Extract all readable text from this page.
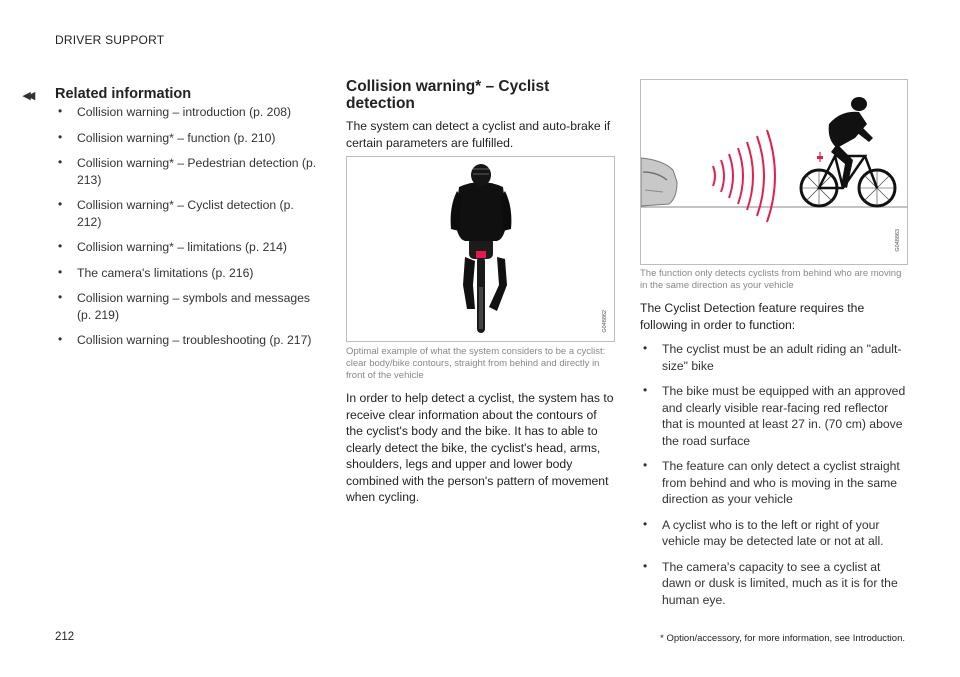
DRIVER SUPPORT
◂◂ Related information
• Collision warning – introduction (p. 208)
• Collision warning* – function (p. 210)
• Collision warning* – Pedestrian detection (p. 213)
• Collision warning* – Cyclist detection (p. 212)
• Collision warning* – limitations (p. 214)
• The camera's limitations (p. 216)
• Collision warning – symbols and messages (p. 219)
• Collision warning – troubleshooting (p. 217)
Collision warning* – Cyclist detection
The system can detect a cyclist and auto-brake if certain parameters are fulfilled.
G048862
Optimal example of what the system considers to be a cyclist: clear body/bike contours, straight from behind and directly in front of the vehicle
In order to help detect a cyclist, the system has to receive clear information about the contours of the cyclist's body and the bike. It has to able to clearly detect the bike, the cyclist's head, arms, shoulders, legs and upper and lower body combined with the person's pattern of movement when cycling.
G048863
The function only detects cyclists from behind who are moving in the same direction as your vehicle
The Cyclist Detection feature requires the following in order to function:
• The cyclist must be an adult riding an "adult-size" bike
• The bike must be equipped with an approved and clearly visible rear-facing red reflector that is mounted at least 27 in. (70 cm) above the road surface
• The feature can only detect a cyclist straight from behind and who is moving in the same direction as your vehicle
• A cyclist who is to the left or right of your vehicle may be detected late or not at all.
• The camera's capacity to see a cyclist at dawn or dusk is limited, much as it is for the human eye.
212	* Option/accessory, for more information, see Introduction.
